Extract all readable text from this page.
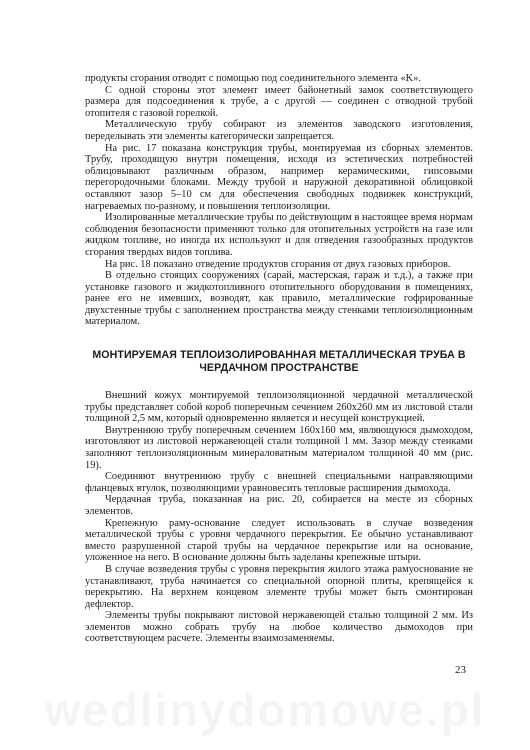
продукты сгорания отводят с помощью под соединительного элемента «K».

С одной стороны этот элемент имеет байонетный замок соответствующего размера для подсоединения к трубе, а с другой — соединен с отводной трубой отопителя с газовой горелкой.

Металлическую трубу собирают из элементов заводского изготовления, переделывать эти элементы категорически запрещается.

На рис. 17 показана конструкция трубы, монтируемая из сборных элементов. Трубу, проходящую внутри помещения, исходя из эстетических потребностей облицовывают различным образом, например керамическими, гипсовыми перегородочными блоками. Между трубой и наружной декоративной облицовкой оставляют зазор 5–10 см для обеспечения свободных подвижек конструкций, нагреваемых по-разному, и повышения теплоизоляции.

Изолированные металлические трубы по действующим в настоящее время нормам соблюдения безопасности применяют только для отопительных устройств на газе или жидком топливе, но иногда их используют и для отведения газообразных продуктов сгорания твердых видов топлива.

На рис. 18 показано отведение продуктов сгорания от двух газовых приборов.

В отдельно стоящих сооружениях (сарай, мастерская, гараж и т.д.), а также при установке газового и жидкотопливного отопительного оборудования в помещениях, ранее его не имевших, возводят, как правило, металлические гофрированные двухстенные трубы с заполнением пространства между стенками теплоизоляционным материалом.

МОНТИРУЕМАЯ ТЕПЛОИЗОЛИРОВАННАЯ МЕТАЛЛИЧЕСКАЯ ТРУБА В ЧЕРДАЧНОМ ПРОСТРАНСТВЕ

Внешний кожух монтируемой теплоизоляционной чердачной металлической трубы представляет собой короб поперечным сечением 260х260 мм из листовой стали толщиной 2,5 мм, который одновременно является и несущей конструкцией.

Внутреннюю трубу поперечным сечением 160х160 мм, являющуюся дымоходом, изготовляют из листовой нержавеющей стали толщиной 1 мм. Зазор между стенками заполняют теплоизоляционным минераловатным материалом толщиной 40 мм (рис. 19).

Соединяют внутреннюю трубу с внешней специальными направляющими фланцевых втулок, позволяющими уравновесить тепловые расширения дымохода.

Чердачная труба, показанная на рис. 20, собирается на месте из сборных элементов.

Крепежную раму-основание следует использовать в случае возведения металлической трубы с уровня чердачного перекрытия. Ее обычно устанавливают вместо разрушенной старой трубы на чердачное перекрытие или на основание, уложенное на него. В основание должны быть заделаны крепежные штыри.

В случае возведения трубы с уровня перекрытия жилого этажа рамуоснование не устанавливают, труба начинается со специальной опорной плиты, крепящейся к перекрытию. На верхнем концевом элементе трубы может быть смонтирован дефлектор.

Элементы трубы покрывают листовой нержавеющей сталью толщиной 2 мм. Из элементов можно собрать трубу на любое количество дымоходов при соответствующем расчете. Элементы взаимозаменяемы.

23
